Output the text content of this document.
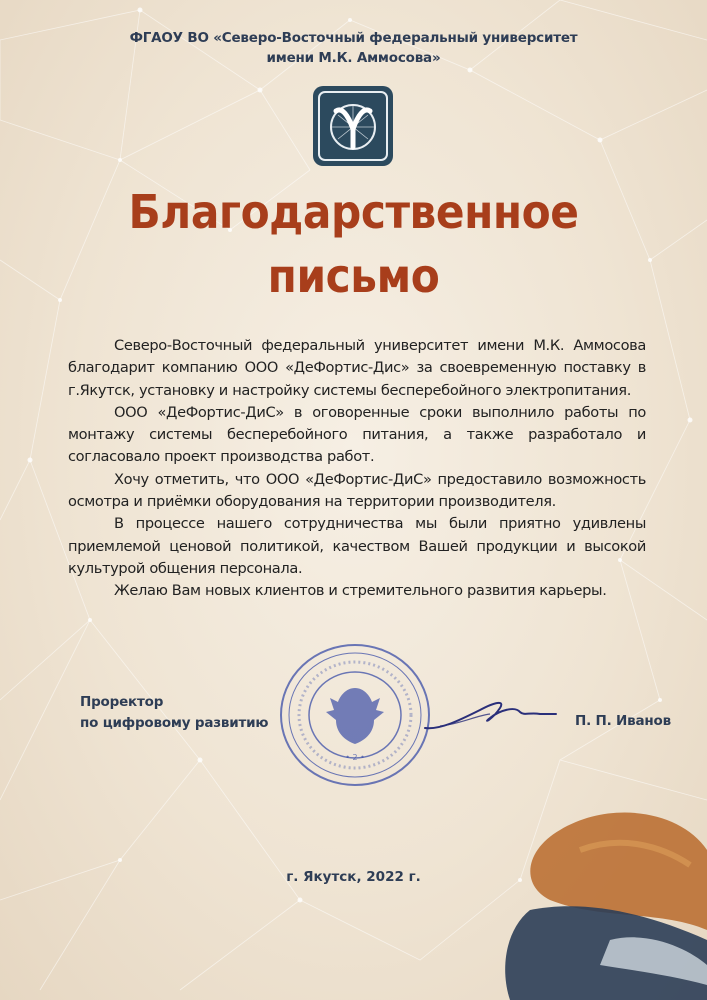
ФГАОУ ВО «Северо-Восточный федеральный университет
имени М.К. Аммосова»
Благодарственное
письмо

Северо-Восточный федеральный университет имени М.К. Аммосова благодарит компанию ООО «ДеФортис-Дис» за своевременную поставку в г.Якутск, установку и настройку системы бесперебойного электропитания.

ООО «ДеФортис-ДиС» в оговоренные сроки выполнило работы по монтажу системы бесперебойного питания, а также разработало и согласовало проект производства работ.

Хочу отметить, что ООО «ДеФортис-ДиС» предоставило возможность осмотра и приёмки оборудования на территории производителя.

В процессе нашего сотрудничества мы были приятно удивлены приемлемой ценовой политикой, качеством Вашей продукции и высокой культурой общения персонала.

Желаю Вам новых клиентов и стремительного развития карьеры.

• 2 •
Проректор
по цифровому развитию	П. П. Иванов
г. Якутск, 2022 г.
